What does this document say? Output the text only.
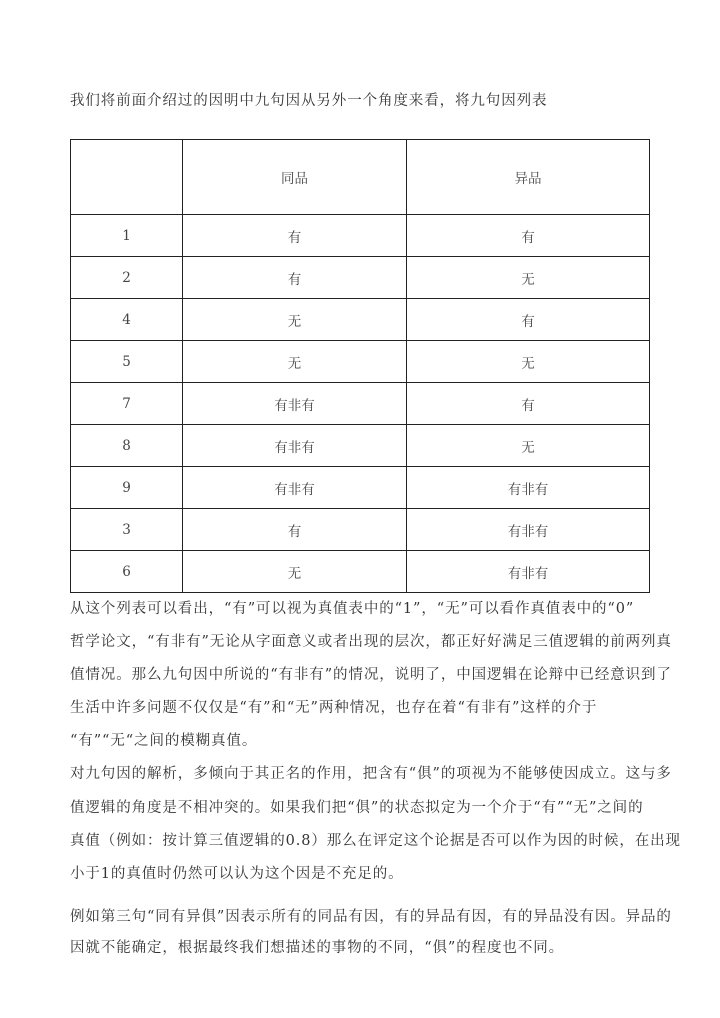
我们将前面介绍过的因明中九句因从另外一个角度来看，将九句因列表
	同品	异品
1	有	有
2	有	无
4	无	有
5	无	无
7	有非有	有
8	有非有	无
9	有非有	有非有
3	有	有非有
6	无	有非有
从这个列表可以看出，“有”可以视为真值表中的“1”，“无”可以看作真值表中的“0”
哲学论文，“有非有”无论从字面意义或者出现的层次，都正好好满足三值逻辑的前两列真
值情况。那么九句因中所说的“有非有”的情况，说明了，中国逻辑在论辩中已经意识到了
生活中许多问题不仅仅是“有”和“无”两种情况，也存在着“有非有”这样的介于
“有”“无“之间的模糊真值。
对九句因的解析，多倾向于其正名的作用，把含有“俱”的项视为不能够使因成立。这与多
值逻辑的角度是不相冲突的。如果我们把“俱”的状态拟定为一个介于“有”“无”之间的
真值（例如：按计算三值逻辑的0.8）那么在评定这个论据是否可以作为因的时候，在出现
小于1的真值时仍然可以认为这个因是不充足的。
例如第三句“同有异俱”因表示所有的同品有因，有的异品有因，有的异品没有因。异品的
因就不能确定，根据最终我们想描述的事物的不同，“俱”的程度也不同。
